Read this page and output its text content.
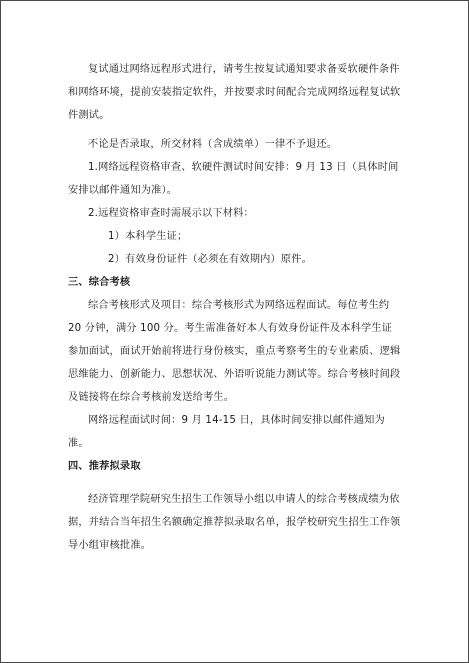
复试通过网络远程形式进行，请考生按复试通知要求备妥软硬件条件和网络环境，提前安装指定软件，并按要求时间配合完成网络远程复试软件测试。

不论是否录取，所交材料（含成绩单）一律不予退还。

1.网络远程资格审查、软硬件测试时间安排：9 月 13 日（具体时间安排以邮件通知为准）。

2.远程资格审查时需展示以下材料：

1）本科学生证；

2）有效身份证件（必须在有效期内）原件。

三、综合考核

综合考核形式及项目：综合考核形式为网络远程面试。每位考生约 20 分钟，满分 100 分。考生需准备好本人有效身份证件及本科学生证参加面试，面试开始前将进行身份核实，重点考察考生的专业素质、逻辑思维能力、创新能力、思想状况、外语听说能力测试等。综合考核时间段及链接将在综合考核前发送给考生。

网络远程面试时间：9 月 14-15 日，具体时间安排以邮件通知为准。

四、推荐拟录取

经济管理学院研究生招生工作领导小组以申请人的综合考核成绩为依据，并结合当年招生名额确定推荐拟录取名单，报学校研究生招生工作领导小组审核批准。
